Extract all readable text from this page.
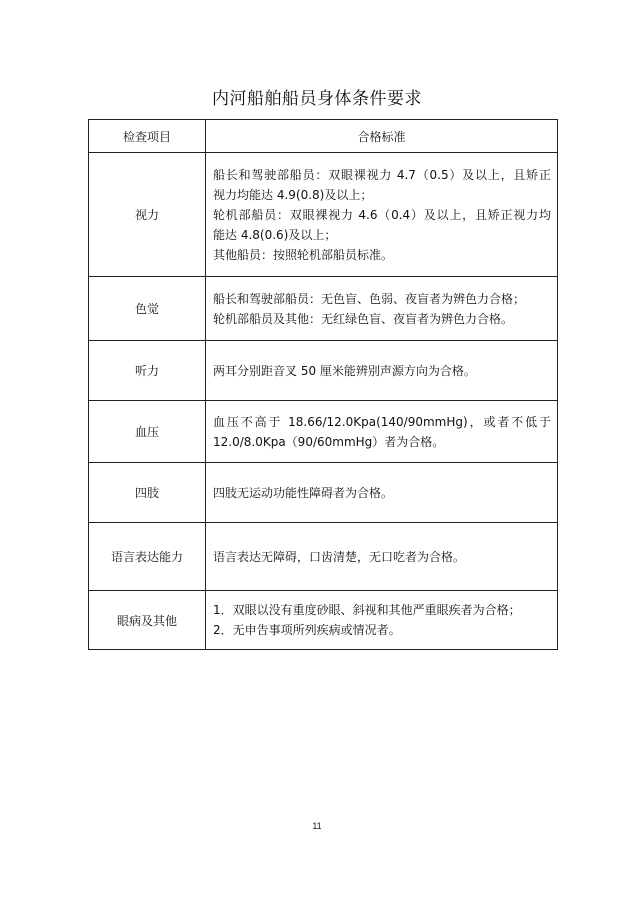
内河船舶船员身体条件要求
检查项目	合格标准
视力	船长和驾驶部船员：双眼裸视力 4.7（0.5）及以上，且矫正
视力均能达 4.9(0.8)及以上；
轮机部船员：双眼裸视力 4.6（0.4）及以上，且矫正视力均
能达 4.8(0.6)及以上；
其他船员：按照轮机部船员标准。

色觉	船长和驾驶部船员：无色盲、色弱、夜盲者为辨色力合格；
轮机部船员及其他：无红绿色盲、夜盲者为辨色力合格。

听力	两耳分别距音叉 50 厘米能辨别声源方向为合格。

血压	血压不高于 18.66/12.0Kpa(140/90mmHg)，或者不低于
12.0/8.0Kpa（90/60mmHg）者为合格。

四肢	四肢无运动功能性障碍者为合格。

语言表达能力	语言表达无障碍，口齿清楚，无口吃者为合格。

眼病及其他	1．双眼以没有重度砂眼、斜视和其他严重眼疾者为合格；
2．无申告事项所列疾病或情况者。
11
